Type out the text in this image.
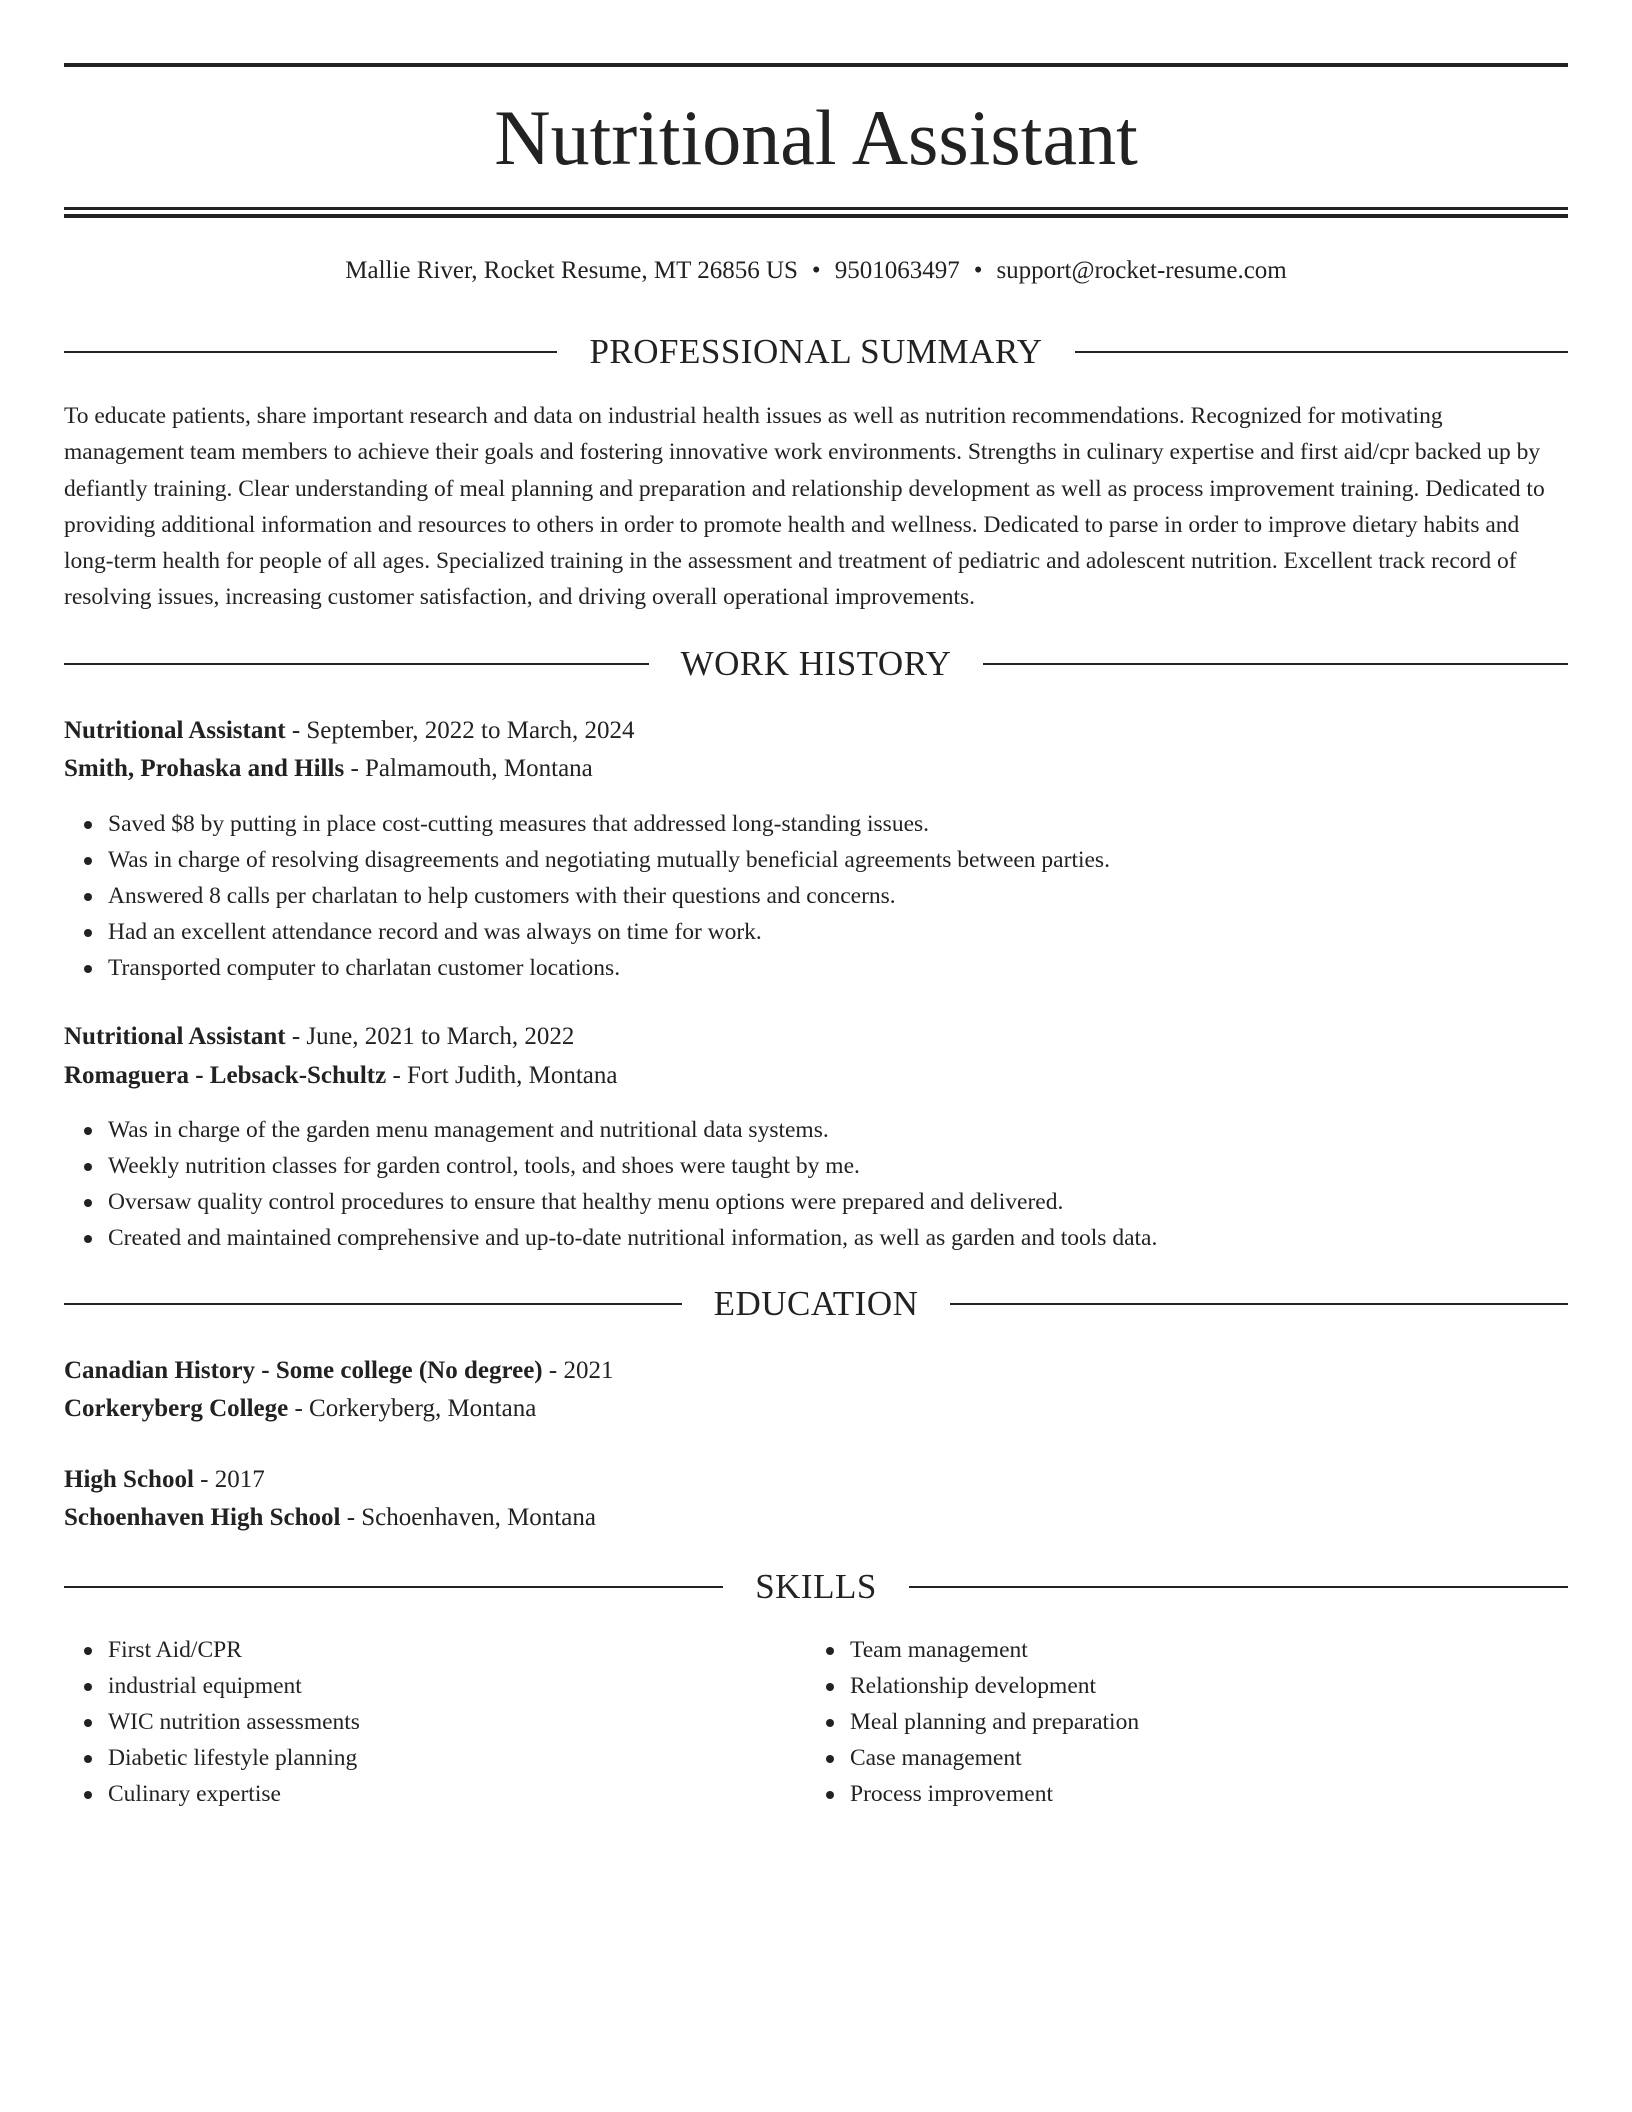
Nutritional Assistant
Mallie River, Rocket Resume, MT 26856 US • 9501063497 • support@rocket-resume.com
PROFESSIONAL SUMMARY

To educate patients, share important research and data on industrial health issues as well as nutrition recommendations. Recognized for motivating management team members to achieve their goals and fostering innovative work environments. Strengths in culinary expertise and first aid/cpr backed up by defiantly training. Clear understanding of meal planning and preparation and relationship development as well as process improvement training. Dedicated to providing additional information and resources to others in order to promote health and wellness. Dedicated to parse in order to improve dietary habits and long-term health for people of all ages. Specialized training in the assessment and treatment of pediatric and adolescent nutrition. Excellent track record of resolving issues, increasing customer satisfaction, and driving overall operational improvements.

WORK HISTORY
Nutritional Assistant - September, 2022 to March, 2024
Smith, Prohaska and Hills - Palmamouth, Montana
Saved $8 by putting in place cost-cutting measures that addressed long-standing issues.
Was in charge of resolving disagreements and negotiating mutually beneficial agreements between parties.
Answered 8 calls per charlatan to help customers with their questions and concerns.
Had an excellent attendance record and was always on time for work.
Transported computer to charlatan customer locations.
Nutritional Assistant - June, 2021 to March, 2022
Romaguera - Lebsack-Schultz - Fort Judith, Montana
Was in charge of the garden menu management and nutritional data systems.
Weekly nutrition classes for garden control, tools, and shoes were taught by me.
Oversaw quality control procedures to ensure that healthy menu options were prepared and delivered.
Created and maintained comprehensive and up-to-date nutritional information, as well as garden and tools data.
EDUCATION
Canadian History - Some college (No degree) - 2021
Corkeryberg College - Corkeryberg, Montana
High School - 2017
Schoenhaven High School - Schoenhaven, Montana
SKILLS
First Aid/CPR
industrial equipment
WIC nutrition assessments
Diabetic lifestyle planning
Culinary expertise
Team management
Relationship development
Meal planning and preparation
Case management
Process improvement
